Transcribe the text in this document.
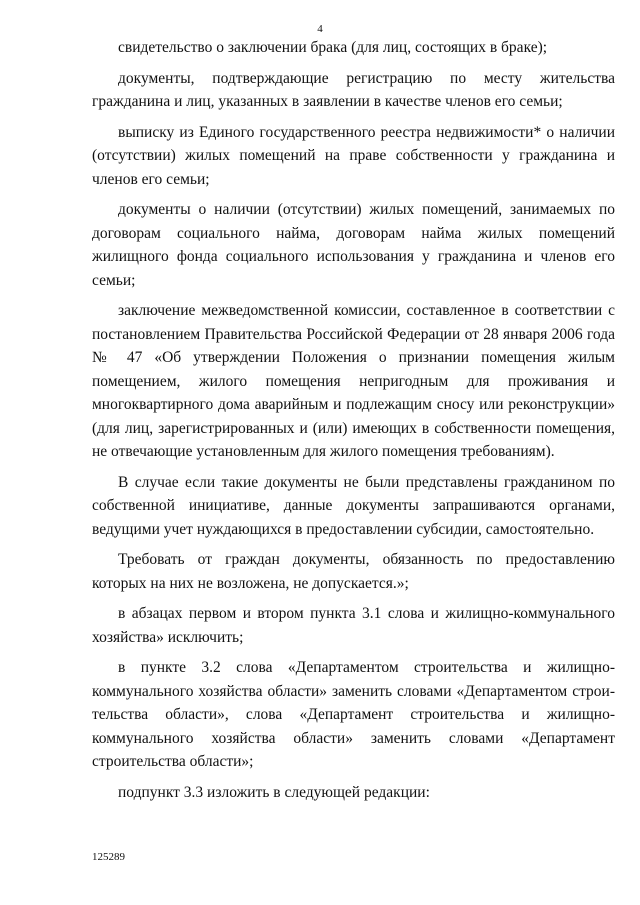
4

свидетельство о заключении брака (для лиц, состоящих в браке);

документы, подтверждающие регистрацию по месту жительства гражданина и лиц, указанных в заявлении в качестве членов его семьи;

выписку из Единого государственного реестра недвижимости* о наличии (отсутствии) жилых помещений на праве собственности у гражданина и членов его семьи;

документы о наличии (отсутствии) жилых помещений, занимаемых по договорам социального найма, договорам найма жилых помещений жилищного фонда социального использования у гражданина и членов его семьи;

заключение межведомственной комиссии, составленное в соответствии с постановлением Правительства Российской Федерации от 28 января 2006 года № 47 «Об утверждении Положения о признании помещения жилым помещением, жилого помещения непригодным для проживания и многоквартирного дома аварийным и подлежащим сносу или реконструкции» (для лиц, зарегистрированных и (или) имеющих в собственности помещения, не отвечающие установленным для жилого помещения требованиям).

В случае если такие документы не были представлены гражданином по собственной инициативе, данные документы запрашиваются органами, ведущими учет нуждающихся в предоставлении субсидии, самостоятельно.

Требовать от граждан документы, обязанность по предоставлению которых на них не возложена, не допускается.»;

в абзацах первом и втором пункта 3.1 слова и жилищно-коммунального хозяйства» исключить;

в пункте 3.2 слова «Департаментом строительства и жилищно-коммунального хозяйства области» заменить словами «Департаментом строительства области», слова «Департамент строительства и жилищно-коммунального хозяйства области» заменить словами «Департамент строительства области»;

подпункт 3.3 изложить в следующей редакции:

125289
